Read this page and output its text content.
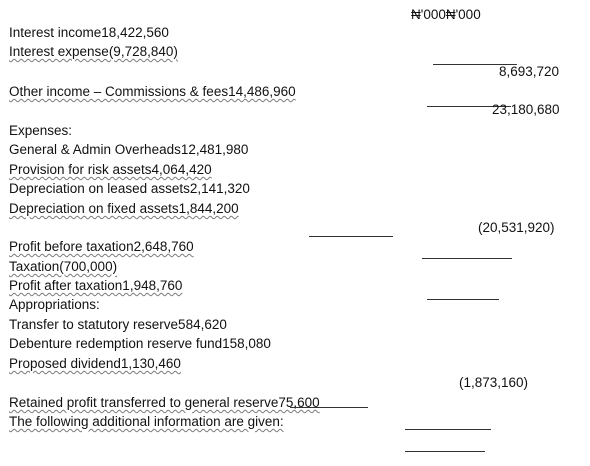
₦'000₦'000
Interest income18,422,560
Interest expense(9,728,840)
8,693,720
Other income – Commissions & fees14,486,960
23,180,680
Expenses:
General & Admin Overheads12,481,980
Provision for risk assets4,064,420
Depreciation on leased assets2,141,320
Depreciation on fixed assets1,844,200
(20,531,920)
Profit before taxation2,648,760
Taxation(700,000)
Profit after taxation1,948,760
Appropriations:
Transfer to statutory reserve584,620
Debenture redemption reserve fund158,080
Proposed dividend1,130,460
(1,873,160)
Retained profit transferred to general reserve75,600
The following additional information are given:
